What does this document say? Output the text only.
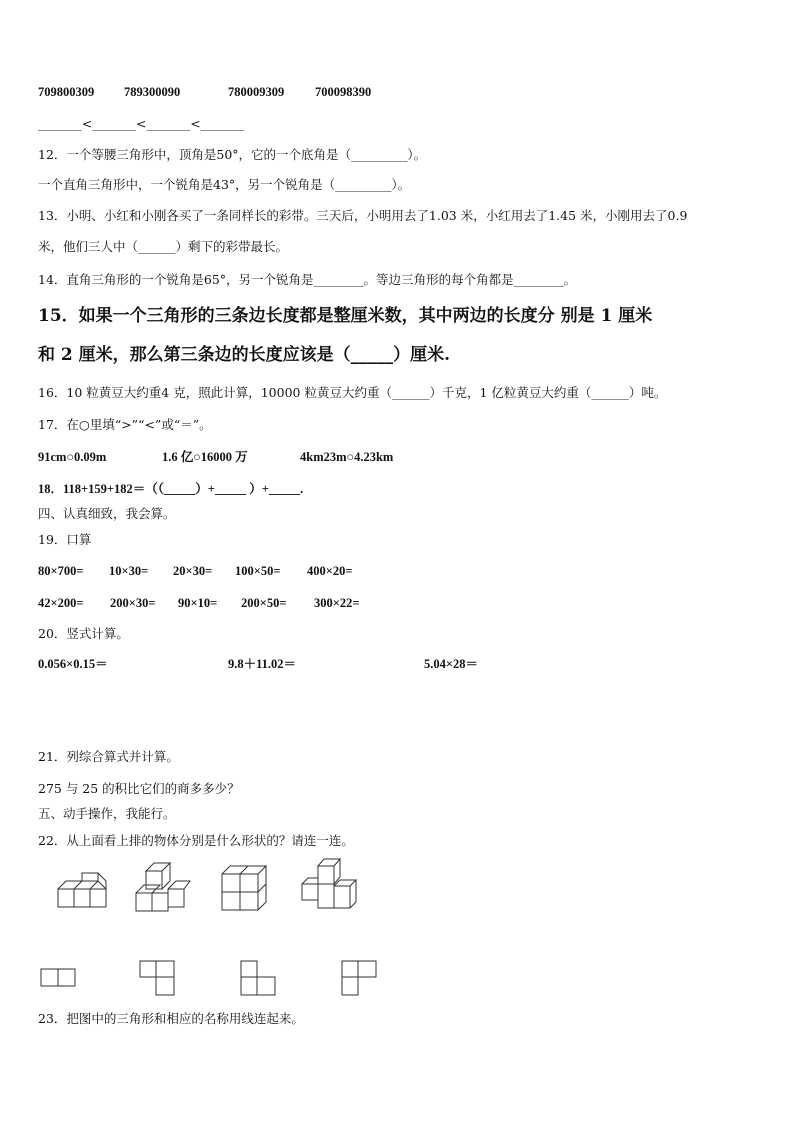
709800309 789300090	780009309 700098390
_______<_______<_______<_______
12．一个等腰三角形中，顶角是50°，它的一个底角是（_________）。
一个直角三角形中，一个锐角是43°，另一个锐角是（_________）。
13．小明、小红和小刚各买了一条同样长的彩带。三天后，小明用去了1.03 米，小红用去了1.45 米，小刚用去了0.9
米，他们三人中（______）剩下的彩带最长。
14．直角三角形的一个锐角是65°，另一个锐角是________。等边三角形的每个角都是________。
15．如果一个三角形的三条边长度都是整厘米数，其中两边的长度分 别是 1 厘米
和 2 厘米，那么第三条边的长度应该是（_____）厘米.
16．10 粒黄豆大约重4 克，照此计算，10000 粒黄豆大约重（______）千克，1 亿粒黄豆大约重（______）吨。
17．在○里填“>”“<”或“＝”。
91cm○0.09m	1.6 亿○16000 万	4km23m○4.23km
18．118+159+182＝（（_____）+_____ ）+_____.
四、认真细致，我会算。
19．口算
80×700= 10×30= 20×30= 100×50= 400×20=
42×200= 200×30= 90×10= 200×50= 300×22=
20．竖式计算。
0.056×0.15＝	9.8＋11.02＝	5.04×28＝
21．列综合算式并计算。
275 与 25 的积比它们的商多多少？
五、动手操作，我能行。
22．从上面看上排的物体分别是什么形状的？请连一连。
23．把图中的三角形和相应的名称用线连起来。
